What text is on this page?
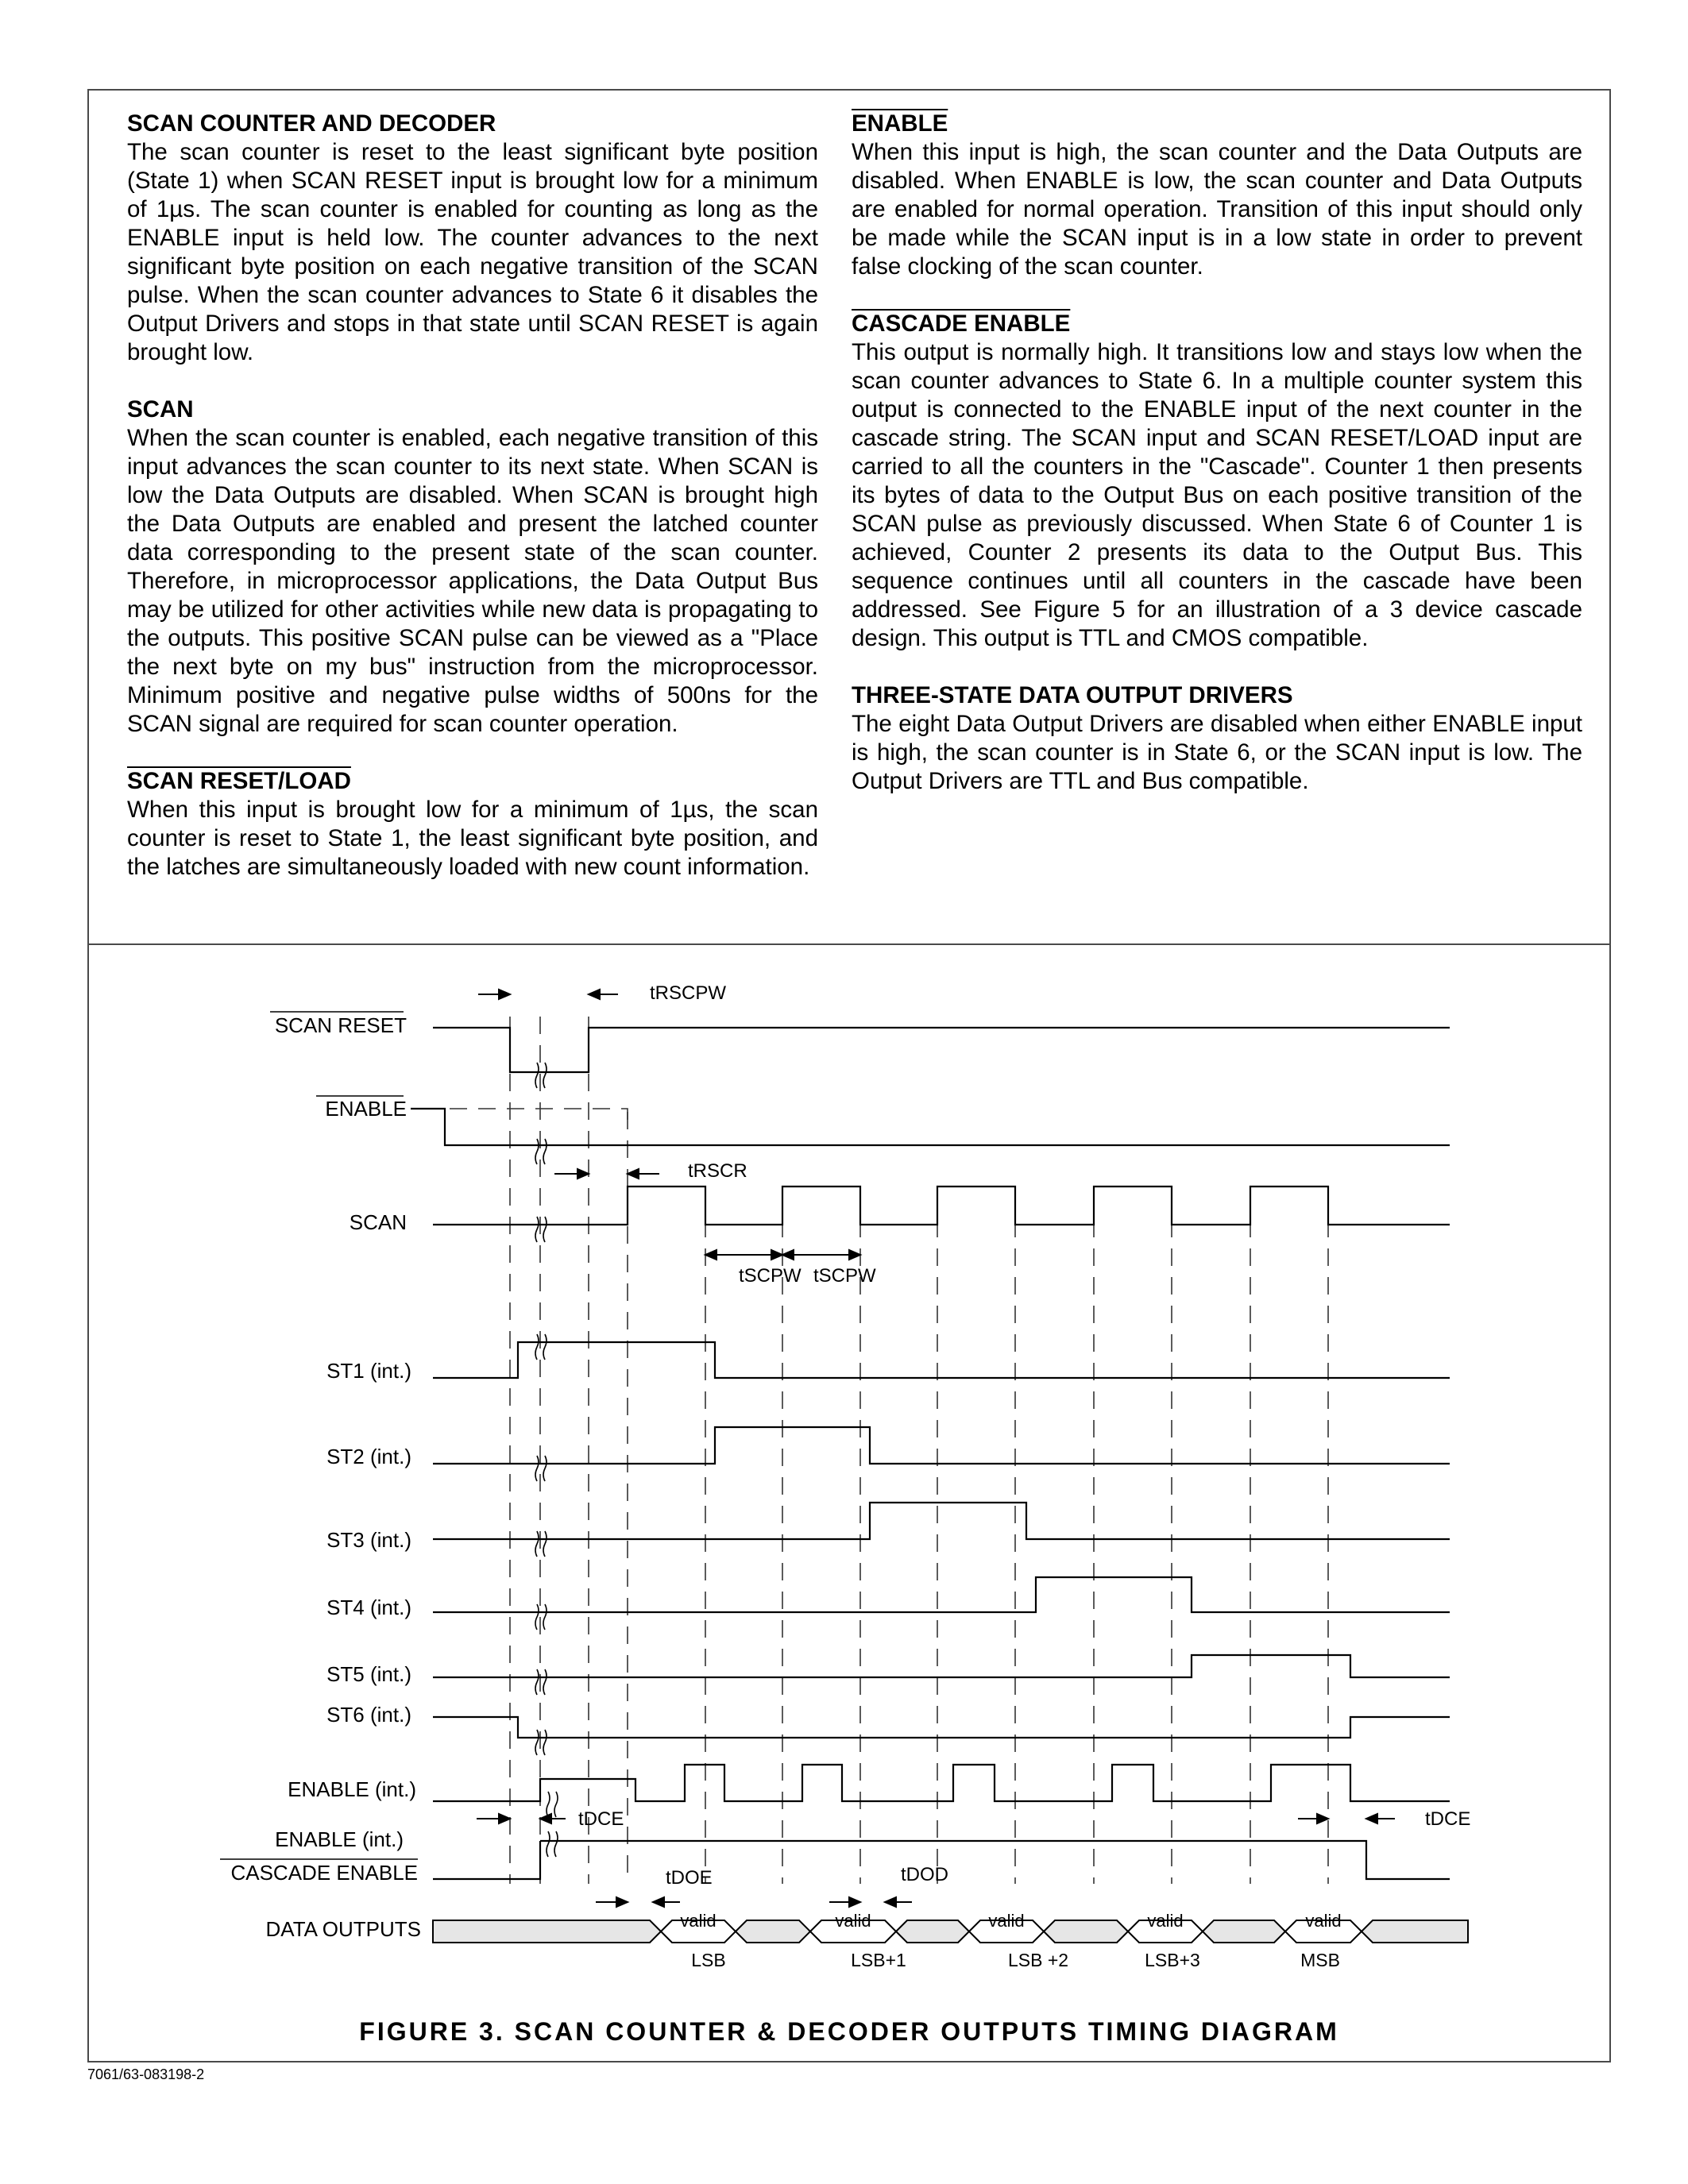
SCAN COUNTER AND DECODER

The scan counter is reset to the least significant byte position (State 1) when SCAN RESET input is brought low for a minimum of 1µs. The scan counter is enabled for counting as long as the ENABLE input is held low. The counter advances to the next significant byte position on each negative transition of the SCAN pulse. When the scan counter advances to State 6 it disables the Output Drivers and stops in that state until SCAN RESET is again brought low.

SCAN

When the scan counter is enabled, each negative transition of this input advances the scan counter to its next state. When SCAN is low the Data Outputs are disabled. When SCAN is brought high the Data Outputs are enabled and present the latched counter data corresponding to the present state of the scan counter. Therefore, in microprocessor applications, the Data Output Bus may be utilized for other activities while new data is propagating to the outputs. This positive SCAN pulse can be viewed as a "Place the next byte on my bus" instruction from the microprocessor. Minimum positive and negative pulse widths of 500ns for the SCAN signal are required for scan counter operation.

SCAN RESET/LOAD

When this input is brought low for a minimum of 1µs, the scan counter is reset to State 1, the least significant byte position, and the latches are simultaneously loaded with new count information.

ENABLE

When this input is high, the scan counter and the Data Outputs are disabled. When ENABLE is low, the scan counter and Data Outputs are enabled for normal operation. Transition of this input should only be made while the SCAN input is in a low state in order to prevent false clocking of the scan counter.

CASCADE ENABLE

This output is normally high. It transitions low and stays low when the scan counter advances to State 6. In a multiple counter system this output is connected to the ENABLE input of the next counter in the cascade string. The SCAN input and SCAN RESET/LOAD input are carried to all the counters in the "Cascade". Counter 1 then presents its bytes of data to the Output Bus on each positive transition of the SCAN pulse as previously discussed. When State 6 of Counter 1 is achieved, Counter 2 presents its data to the Output Bus. This sequence continues until all counters in the cascade have been addressed. See Figure 5 for an illustration of a 3 device cascade design. This output is TTL and CMOS compatible.

THREE-STATE DATA OUTPUT DRIVERS

The eight Data Output Drivers are disabled when either ENABLE input is high, the scan counter is in State 6, or the SCAN input is low. The Output Drivers are TTL and Bus compatible.

SCAN RESET
ENABLE
SCAN
ST1 (int.)
ST2 (int.)
ST3 (int.)
ST4 (int.)
ST5 (int.)
ST6 (int.)
ENABLE (int.)
ENABLE (int.)
CASCADE ENABLE
DATA OUTPUTS	valid	valid	valid	valid	valid
LSB	LSB+1	LSB +2	LSB+3	MSB
tRSCPW
tRSCR
tSCPW tSCPW
tDCE	tDCE
tDOE	tDOD
FIGURE 3. SCAN COUNTER & DECODER OUTPUTS TIMING DIAGRAM
7061/63-083198-2
